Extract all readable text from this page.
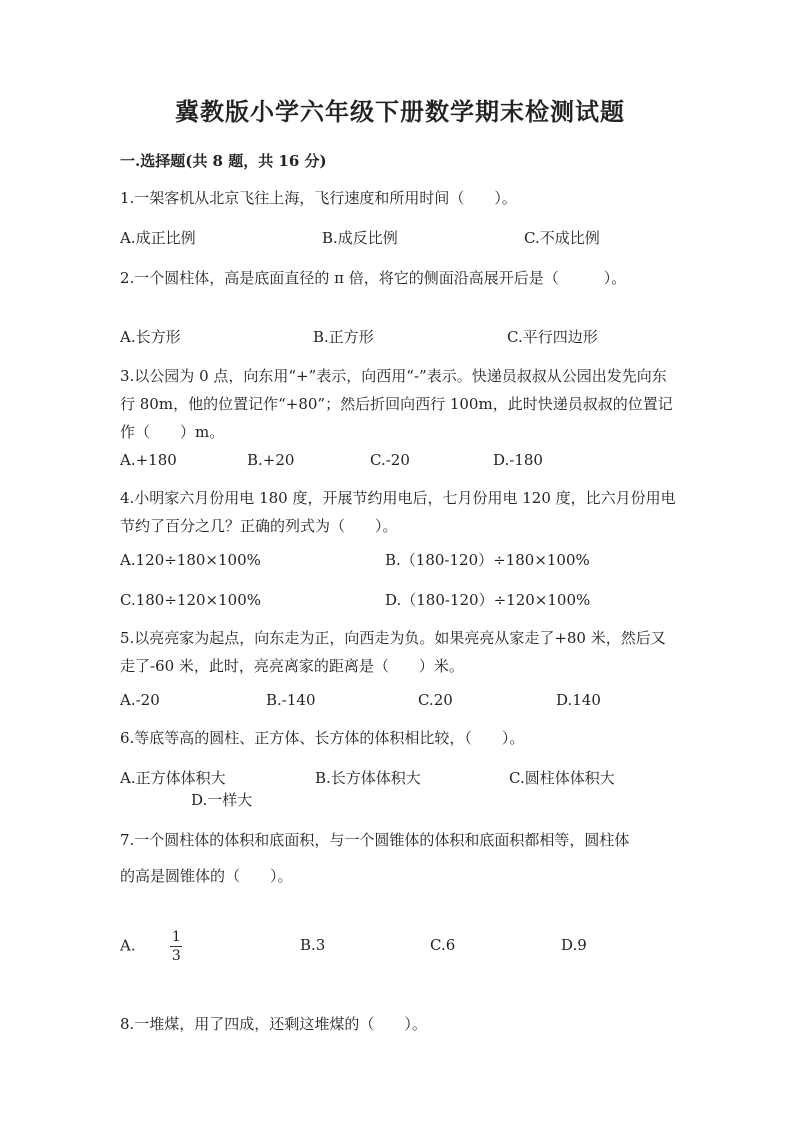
冀教版小学六年级下册数学期末检测试题
一.选择题(共 8 题，共 16 分)
1.一架客机从北京飞往上海，飞行速度和所用时间（　　）。
A.成正比例	B.成反比例	C.不成比例
2.一个圆柱体，高是底面直径的 π 倍，将它的侧面沿高展开后是（　　　）。
A.长方形	B.正方形	C.平行四边形
3.以公园为 0 点，向东用“+”表示，向西用“-”表示。快递员叔叔从公园出发先向东行 80m，他的位置记作“+80”；然后折回向西行 100m，此时快递员叔叔的位置记作（　　）m。
A.+180	B.+20	C.-20	D.-180
4.小明家六月份用电 180 度，开展节约用电后，七月份用电 120 度，比六月份用电节约了百分之几？正确的列式为（　　）。
A.120÷180×100%	B.（180-120）÷180×100%
C.180÷120×100%	D.（180-120）÷120×100%
5.以亮亮家为起点，向东走为正，向西走为负。如果亮亮从家走了+80 米，然后又走了-60 米，此时，亮亮离家的距离是（　　）米。
A.-20	B.-140	C.20	D.140
6.等底等高的圆柱、正方体、长方体的体积相比较，（　　）。
A.正方体体积大	B.长方体体积大	C.圆柱体体积大
D.一样大
7.一个圆柱体的体积和底面积，与一个圆锥体的体积和底面积都相等，圆柱体
的高是圆锥体的（　　）。
A. $\frac{1}{3}$	B.3	C.6	D.9
8.一堆煤，用了四成，还剩这堆煤的（　　）。
